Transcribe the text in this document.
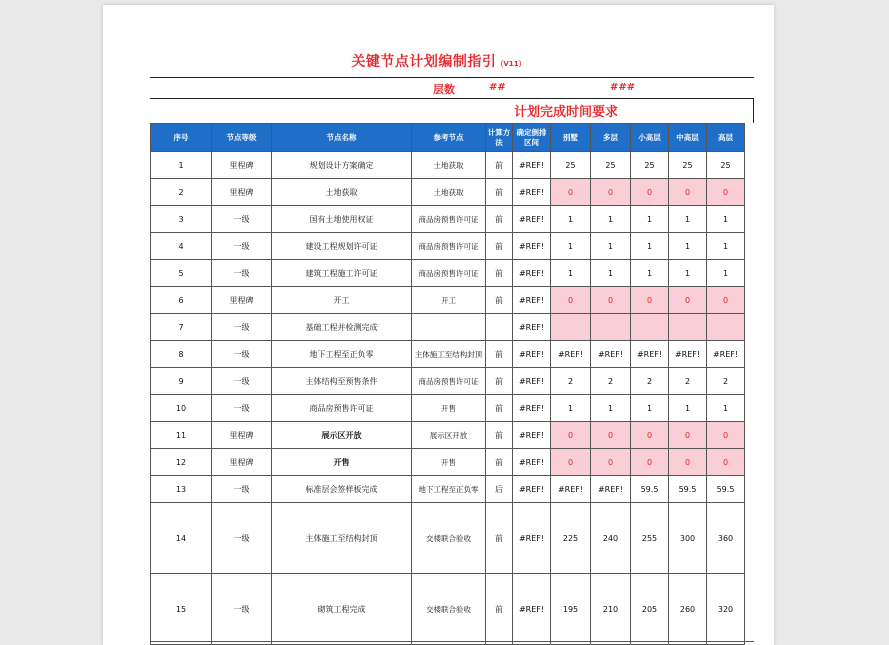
关键节点计划编制指引（V11）
层数	##	###
计划完成时间要求
序号	节点等级	节点名称	参考节点	计算方法	确定倒排区间	别墅	多层	小高层	中高层	高层
1	里程碑	规划设计方案确定	土地获取	前	#REF!	25	25	25	25	25
2	里程碑	土地获取	土地获取	前	#REF!	0	0	0	0	0
3	一级	国有土地使用权证	商品房预售许可证	前	#REF!	1	1	1	1	1
4	一级	建设工程规划许可证	商品房预售许可证	前	#REF!	1	1	1	1	1
5	一级	建筑工程施工许可证	商品房预售许可证	前	#REF!	1	1	1	1	1
6	里程碑	开工	开工	前	#REF!	0	0	0	0	0
7	一级	基础工程并检测完成			#REF!					
8	一级	地下工程至正负零	主体施工至结构封顶	前	#REF!	#REF!	#REF!	#REF!	#REF!	#REF!
9	一级	主体结构至预售条件	商品房预售许可证	前	#REF!	2	2	2	2	2
10	一级	商品房预售许可证	开售	前	#REF!	1	1	1	1	1
11	里程碑	展示区开放	展示区开放	前	#REF!	0	0	0	0	0
12	里程碑	开售	开售	前	#REF!	0	0	0	0	0
13	一级	标准层会签样板完成	地下工程至正负零	后	#REF!	#REF!	#REF!	59.5	59.5	59.5
14	一级	主体施工至结构封顶	交楼联合验收	前	#REF!	225	240	255	300	360
15	一级	砌筑工程完成	交楼联合验收	前	#REF!	195	210	205	260	320
